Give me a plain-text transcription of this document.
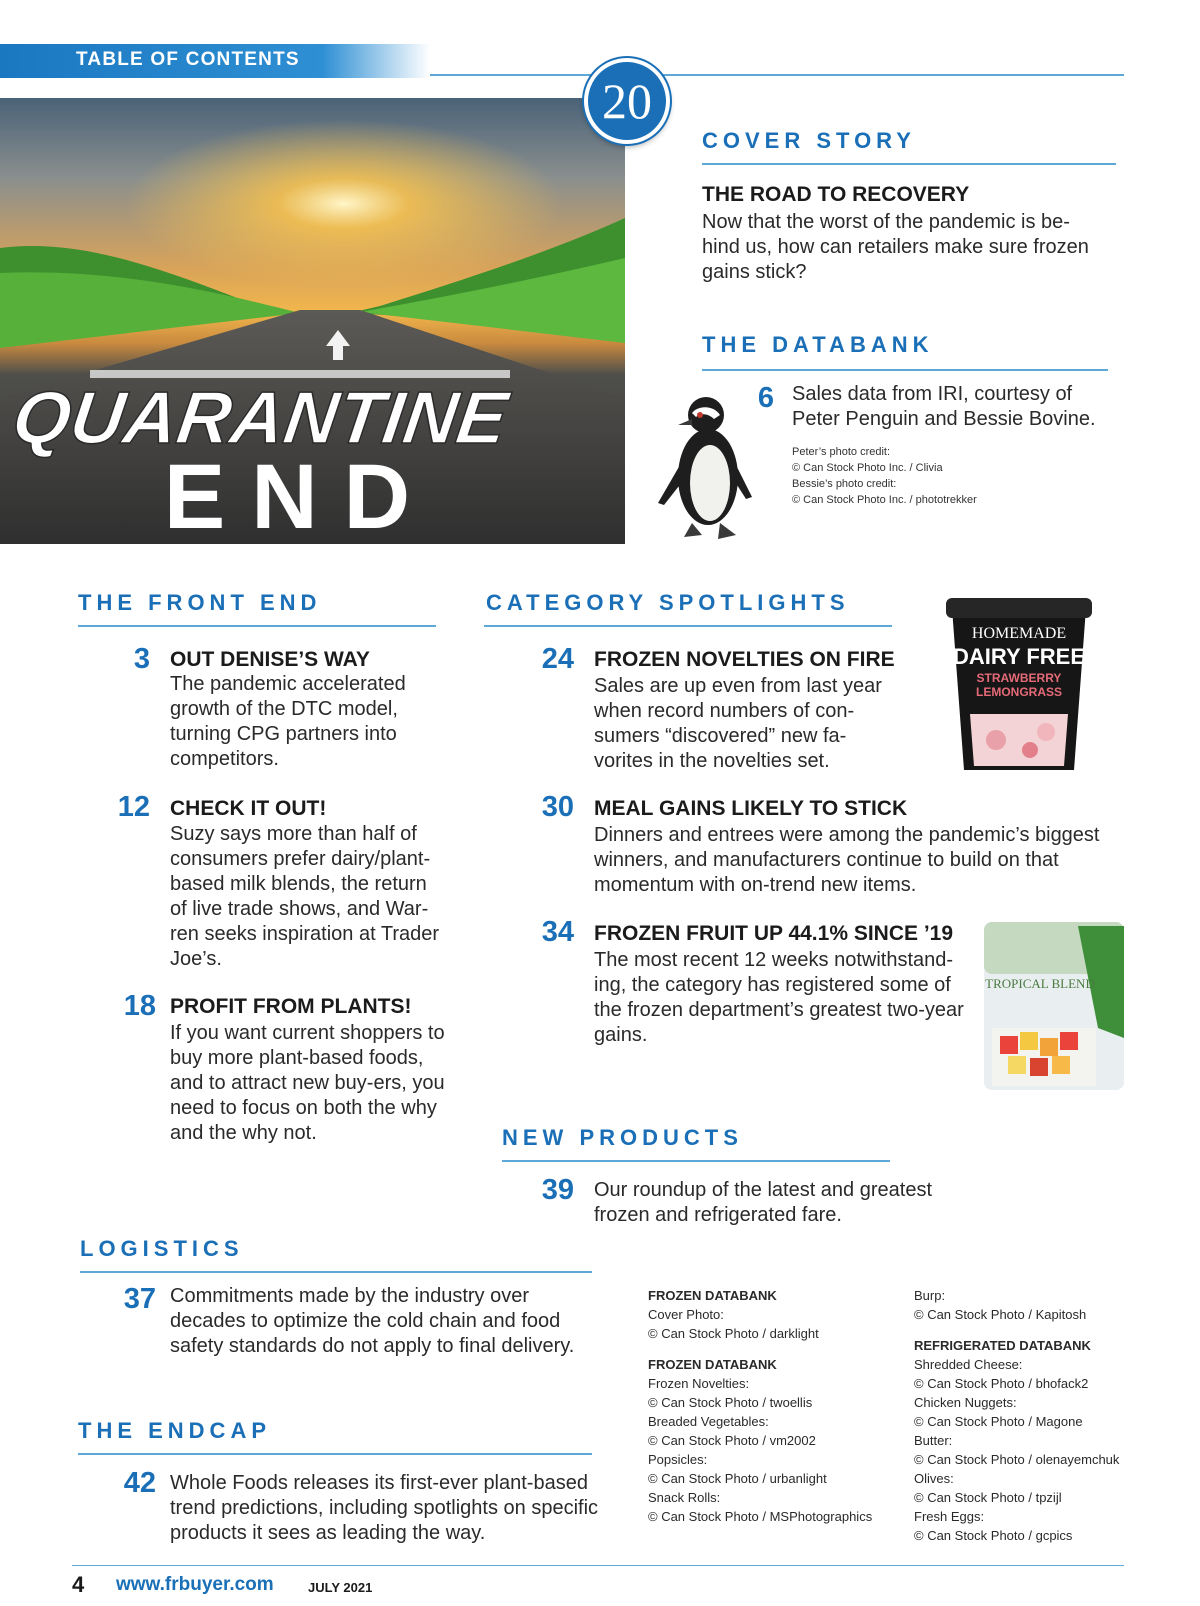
TABLE OF CONTENTS
QUARANTINE
END
20
COVER STORY
THE ROAD TO RECOVERY
Now that the worst of the pandemic is be-hind us, how can retailers make sure frozen gains stick?
THE DATABANK
6 Sales data from IRI, courtesy of Peter Penguin and Bessie Bovine.
Peter’s photo credit:
© Can Stock Photo Inc. / Clivia
Bessie’s photo credit:
© Can Stock Photo Inc. / phototrekker
THE FRONT END
3 OUT DENISE’S WAY
The pandemic accelerated growth of the DTC model, turning CPG partners into competitors.
12 CHECK IT OUT!
Suzy says more than half of consumers prefer dairy/plant-based milk blends, the return of live trade shows, and War-ren seeks inspiration at Trader Joe’s.
18 PROFIT FROM PLANTS!
If you want current shoppers to buy more plant-based foods, and to attract new buy-ers, you need to focus on both the why and the why not.
CATEGORY SPOTLIGHTS
24 FROZEN NOVELTIES ON FIRE
Sales are up even from last year when record numbers of con-sumers “discovered” new fa-vorites in the novelties set.
30 MEAL GAINS LIKELY TO STICK
Dinners and entrees were among the pandemic’s biggest winners, and manufacturers continue to build on that momentum with on-trend new items.
34 FROZEN FRUIT UP 44.1% SINCE ’19
The most recent 12 weeks notwithstand-ing, the category has registered some of the frozen department’s greatest two-year gains.
HOMEMADE
DAIRY FREE
STRAWBERRY
LEMONGRASS
TROPICAL BLEND
NEW PRODUCTS
39 Our roundup of the latest and greatest frozen and refrigerated fare.
LOGISTICS
37 Commitments made by the industry over decades to optimize the cold chain and food safety standards do not apply to final delivery.
THE ENDCAP
42 Whole Foods releases its first-ever plant-based trend predictions, including spotlights on specific products it sees as leading the way.
FROZEN DATABANK
Cover Photo:
© Can Stock Photo / darklight
FROZEN DATABANK
Frozen Novelties:
© Can Stock Photo / twoellis
Breaded Vegetables:
© Can Stock Photo / vm2002
Popsicles:
© Can Stock Photo / urbanlight
Snack Rolls:
© Can Stock Photo / MSPhotographics
Burp:
© Can Stock Photo / Kapitosh
REFRIGERATED DATABANK
Shredded Cheese:
© Can Stock Photo / bhofack2
Chicken Nuggets:
© Can Stock Photo / Magone
Butter:
© Can Stock Photo / olenayemchuk
Olives:
© Can Stock Photo / tpzijl
Fresh Eggs:
© Can Stock Photo / gcpics
4 www.frbuyer.com	JULY 2021
